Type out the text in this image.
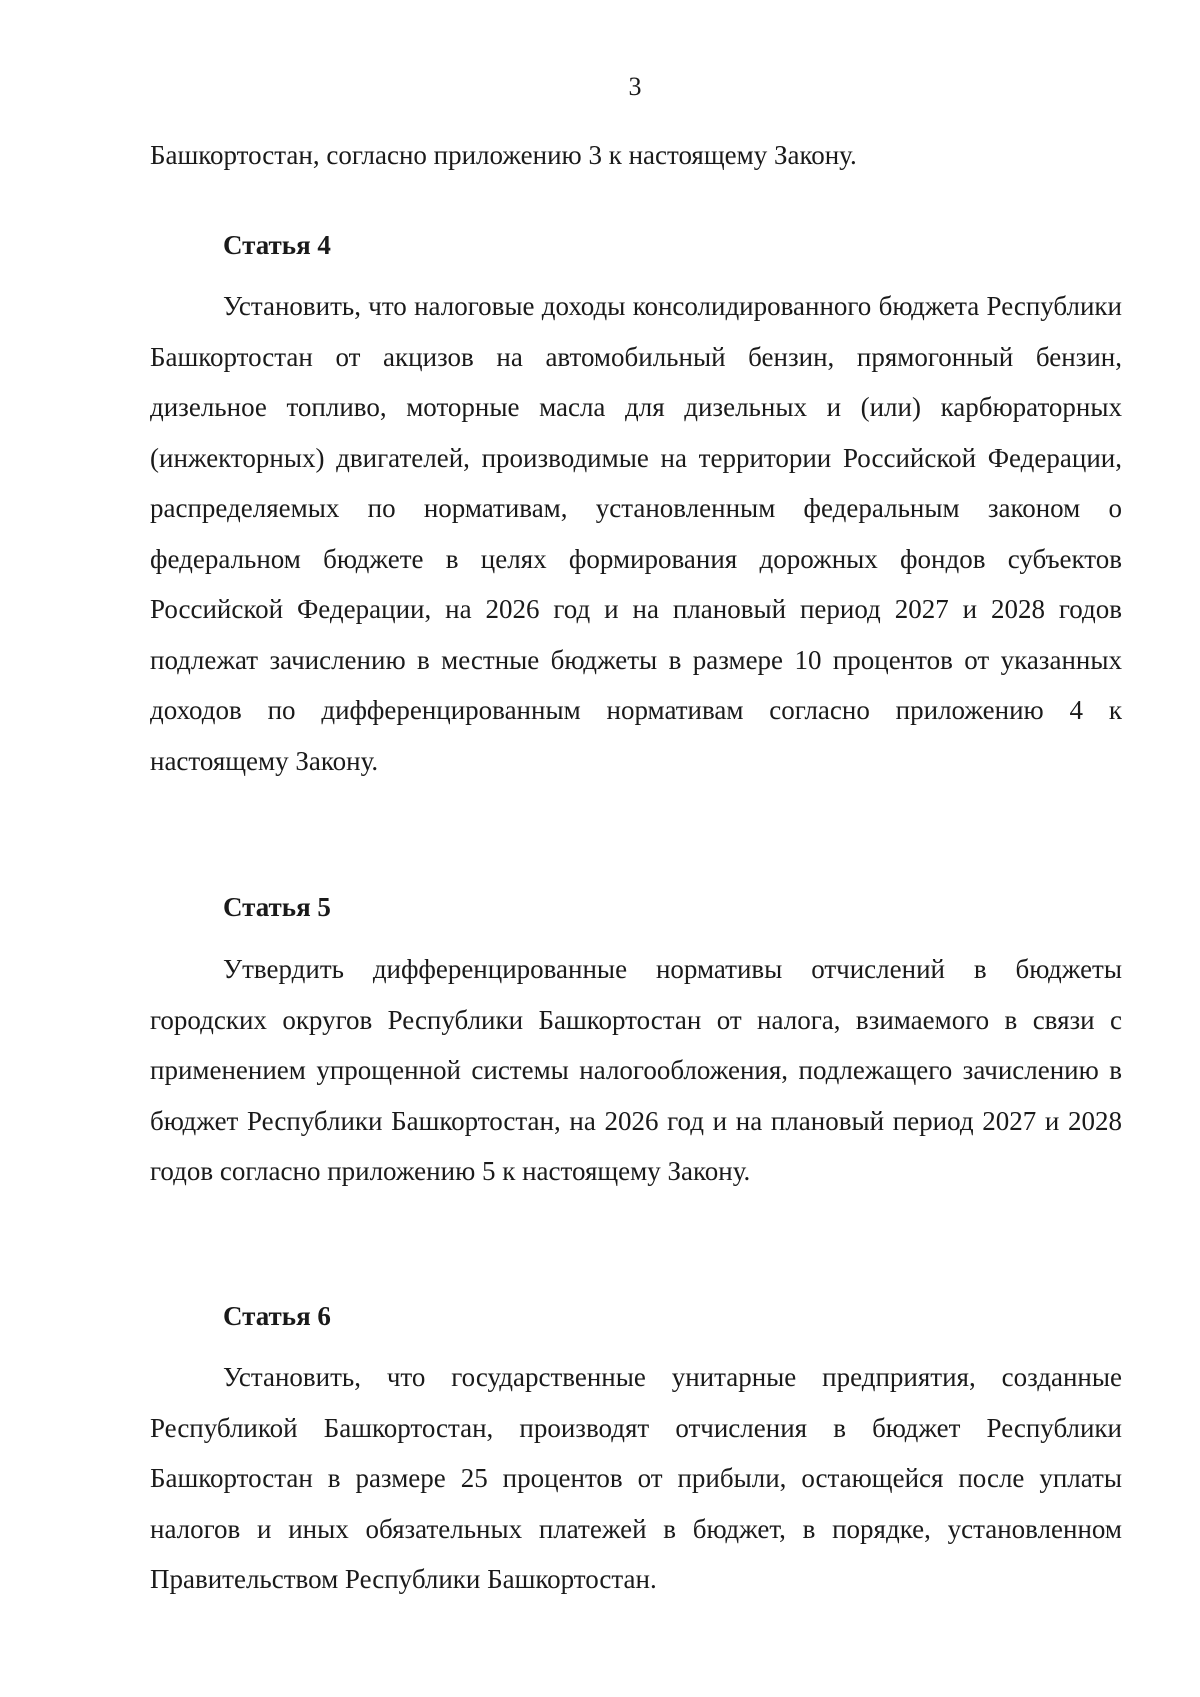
3

Башкортостан, согласно приложению 3 к настоящему Закону.

Статья 4

Установить, что налоговые доходы консолидированного бюджета Республики Башкортостан от акцизов на автомобильный бензин, прямогонный бензин, дизельное топливо, моторные масла для дизельных и (или) карбюраторных (инжекторных) двигателей, производимые на территории Российской Федерации, распределяемых по нормативам, установленным федеральным законом о федеральном бюджете в целях формирования дорожных фондов субъектов Российской Федерации, на 2026 год и на плановый период 2027 и 2028 годов подлежат зачислению в местные бюджеты в размере 10 процентов от указанных доходов по дифференцированным нормативам согласно приложению 4 к настоящему Закону.

Статья 5

Утвердить дифференцированные нормативы отчислений в бюджеты городских округов Республики Башкортостан от налога, взимаемого в связи с применением упрощенной системы налогообложения, подлежащего зачислению в бюджет Республики Башкортостан, на 2026 год и на плановый период 2027 и 2028 годов согласно приложению 5 к настоящему Закону.

Статья 6

Установить, что государственные унитарные предприятия, созданные Республикой Башкортостан, производят отчисления в бюджет Республики Башкортостан в размере 25 процентов от прибыли, остающейся после уплаты налогов и иных обязательных платежей в бюджет, в порядке, установленном Правительством Республики Башкортостан.
